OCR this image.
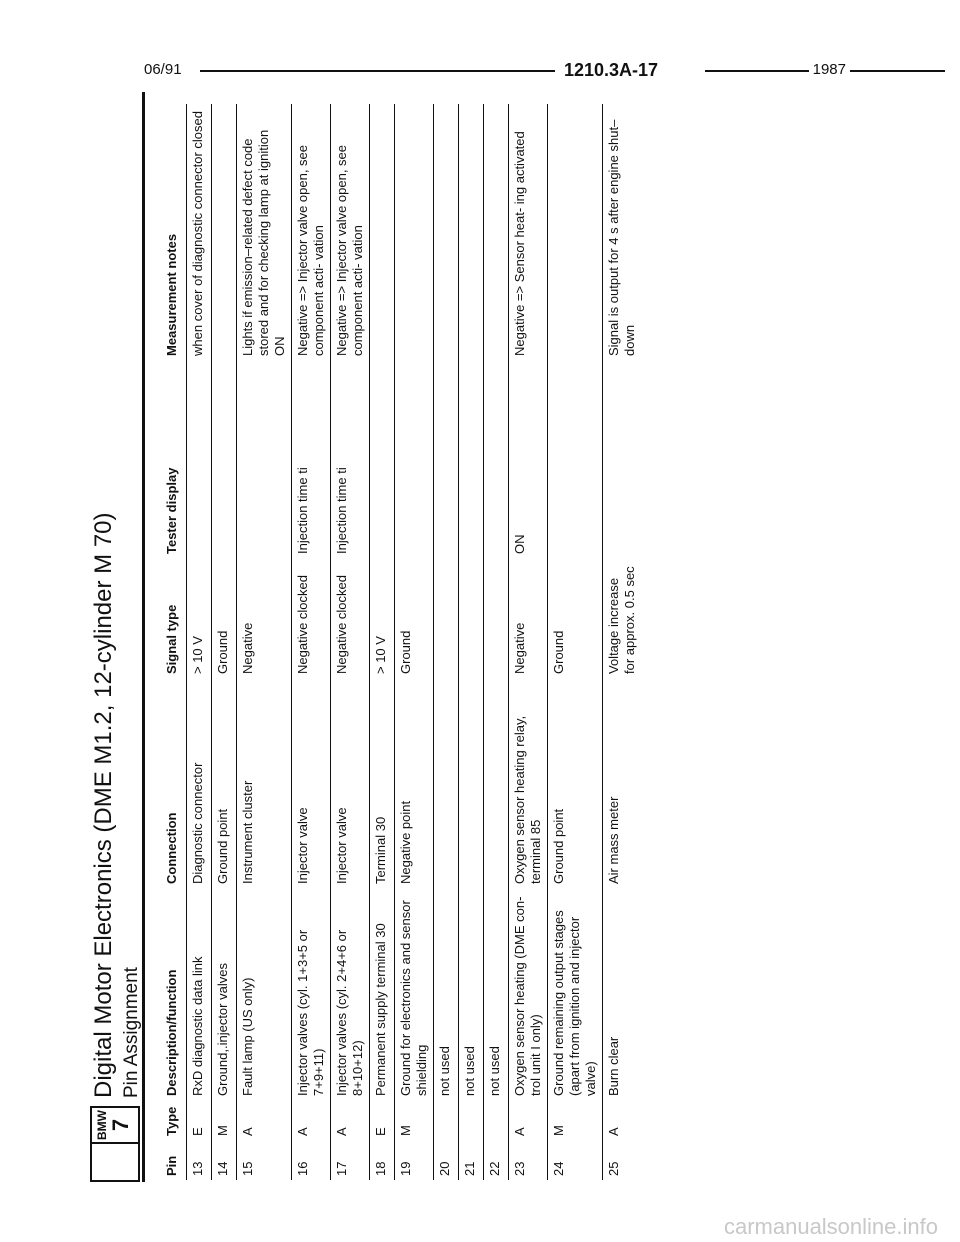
06/91	1210.3A-17	1987
BMW 7
Digital Motor Electronics (DME M1.2, 12-cylinder M 70) Pin Assignment
Pin	Type	Description/function	Connection	Signal type	Tester display	Measurement notes
13	E	RxD diagnostic data link	Diagnostic connector	> 10 V		when cover of diagnostic connector closed
14	M	Ground,.injector valves	Ground point	Ground		
15	A	Fault lamp (US only)	Instrument cluster	Negative		Lights if emission–related defect code stored and for checking lamp at ignition ON
16	A	Injector valves (cyl. 1+3+5 or 7+9+11)	Injector valve	Negative clocked	Injection time ti	Negative => Injector valve open, see component acti- vation
17	A	Injector valves (cyl. 2+4+6 or 8+10+12)	Injector valve	Negative clocked	Injection time ti	Negative => Injector valve open, see component acti- vation
18	E	Permanent supply terminal 30	Terminal 30	> 10 V		
19	M	Ground for electronics and sensor shielding	Negative point	Ground		
20		not used				
21		not used				
22		not used				
23	A	Oxygen sensor heating (DME con- trol unit I only)	Oxygen sensor heating relay, terminal 85	Negative	ON	Negative => Sensor heat- ing activated
24	M	Ground remaining output stages (apart from ignition and injector valve)	Ground point	Ground		
25	A	Burn clear	Air mass meter	Voltage increase for approx. 0.5 sec		Signal is output for 4 s after engine shut–down
carmanualsonline.info
